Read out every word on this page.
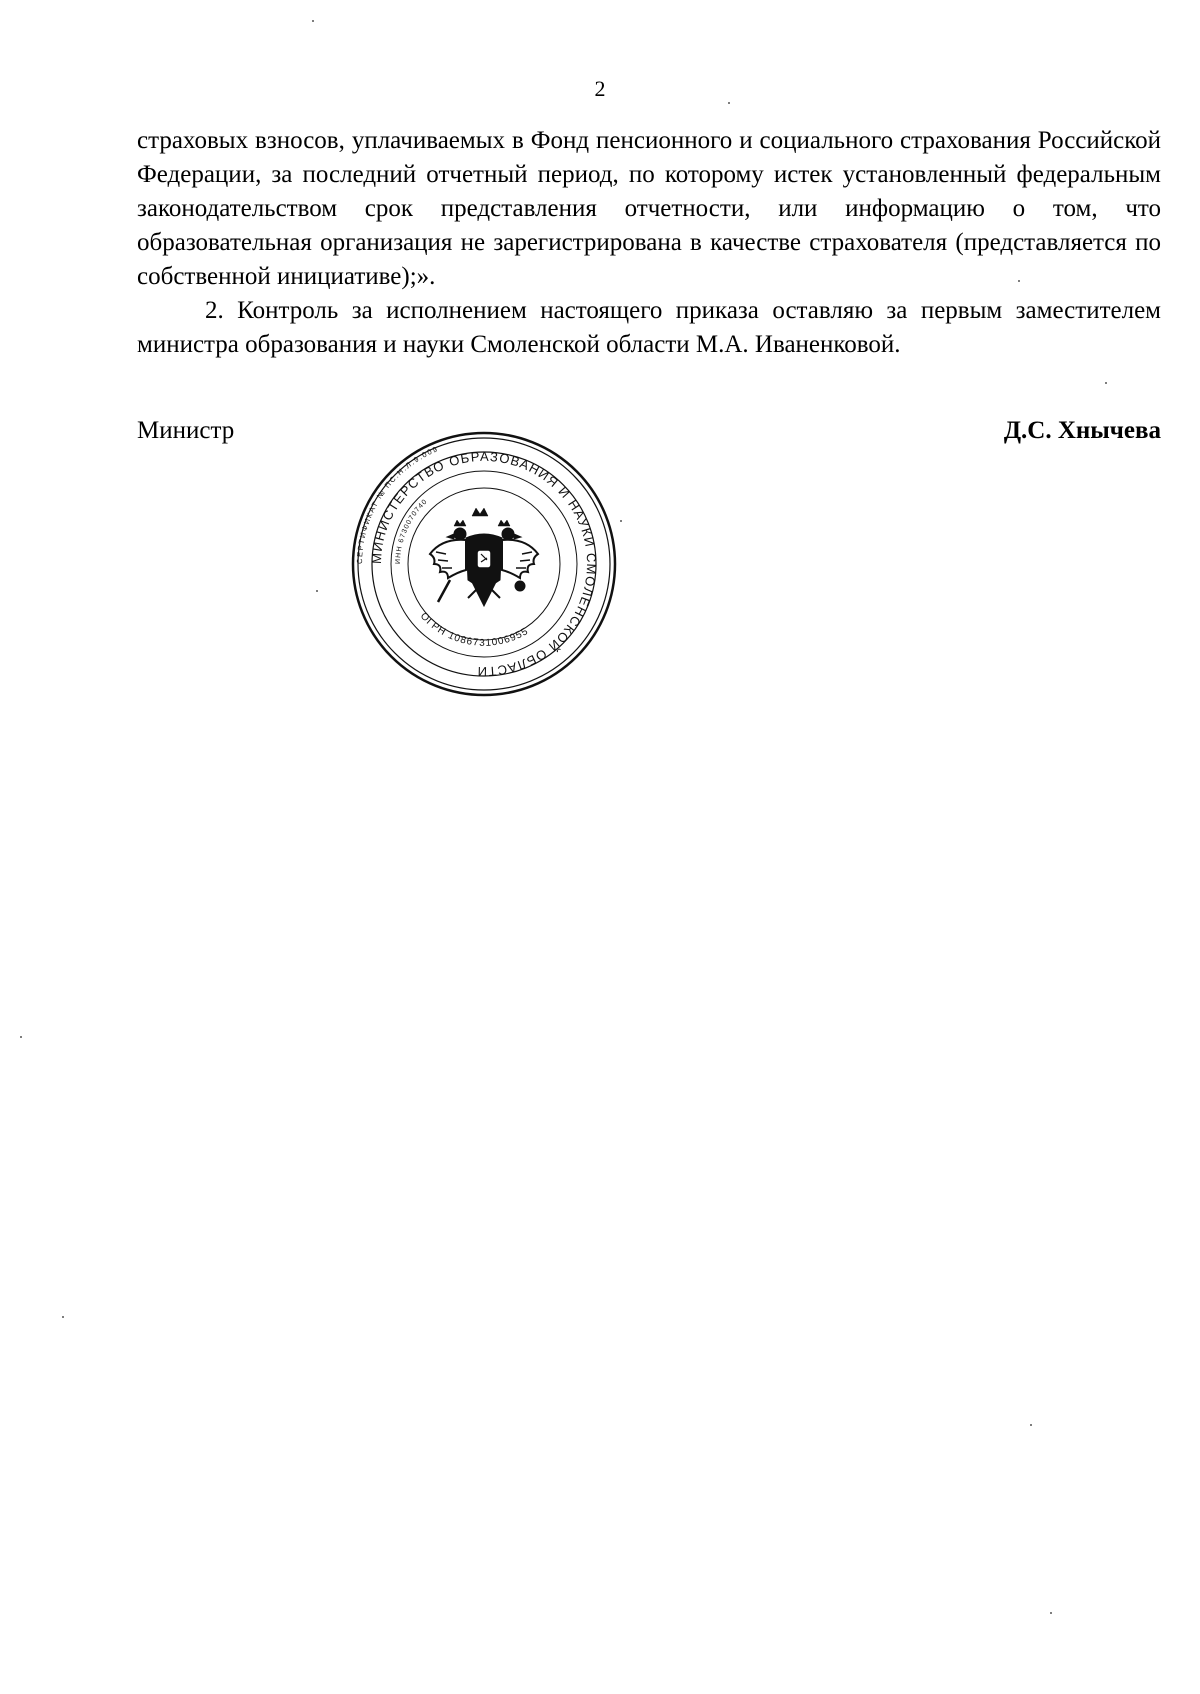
2

страховых взносов, уплачиваемых в Фонд пенсионного и социального страхования Российской Федерации, за последний отчетный период, по которому истек установленный федеральным законодательством срок представления отчетности, или информацию о том, что образовательная организация не зарегистрирована в качестве страхователя (представляется по собственной инициативе);».

2. Контроль за исполнением настоящего приказа оставляю за первым заместителем министра образования и науки Смоленской области М.А. Иваненковой.

Министр	Д.С. Хнычева
СЕРТИФИКАТ № ПС.Н.Л.9.009
МИНИСТЕРСТВО ОБРАЗОВАНИЯ И НАУКИ СМОЛЕНСКОЙ ОБЛАСТИ
ИНН 6730070740
ОГРН 1086731006955
